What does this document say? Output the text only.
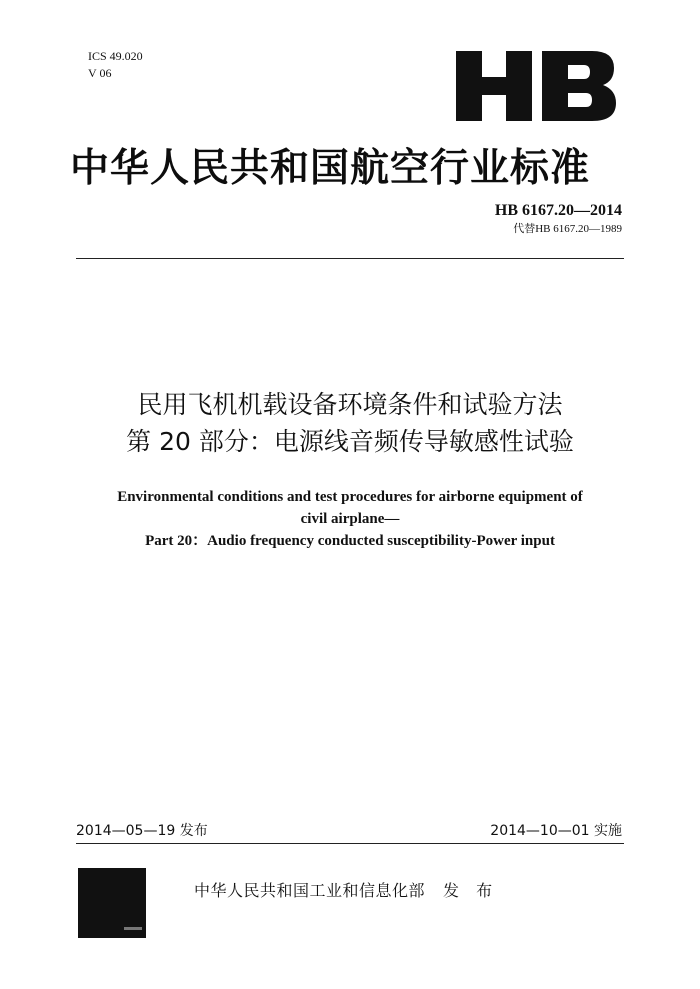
ICS 49.020
V 06
中华人民共和国航空行业标准
HB 6167.20—2014
代替HB 6167.20—1989
民用飞机机载设备环境条件和试验方法
第 20 部分：电源线音频传导敏感性试验
Environmental conditions and test procedures for airborne equipment of
civil airplane—
Part 20：Audio frequency conducted susceptibility-Power input
2014—05—19 发布	2014—10—01 实施
中华人民共和国工业和信息化部 发 布
